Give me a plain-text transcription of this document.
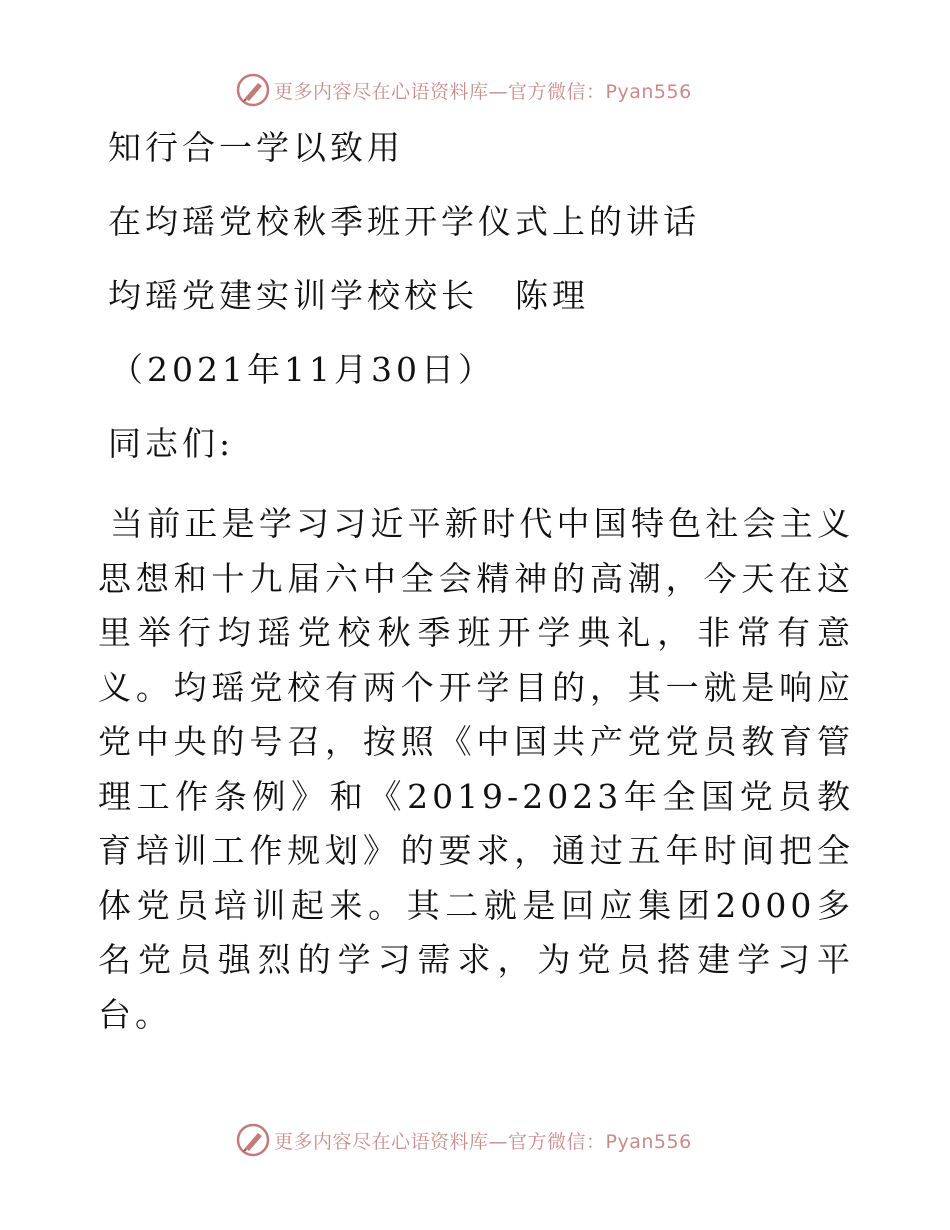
更多内容尽在心语资料库—官方微信：Pyan556
知行合一学以致用
在均瑶党校秋季班开学仪式上的讲话
均瑶党建实训学校校长　陈理
（2021年11月30日）
同志们:

当前正是学习习近平新时代中国特色社会主义思想和十九届六中全会精神的高潮，今天在这里举行均瑶党校秋季班开学典礼，非常有意义。均瑶党校有两个开学目的，其一就是响应党中央的号召，按照《中国共产党党员教育管理工作条例》和《2019-2023年全国党员教育培训工作规划》的要求，通过五年时间把全体党员培训起来。其二就是回应集团2000多名党员强烈的学习需求，为党员搭建学习平台。

更多内容尽在心语资料库—官方微信：Pyan556
